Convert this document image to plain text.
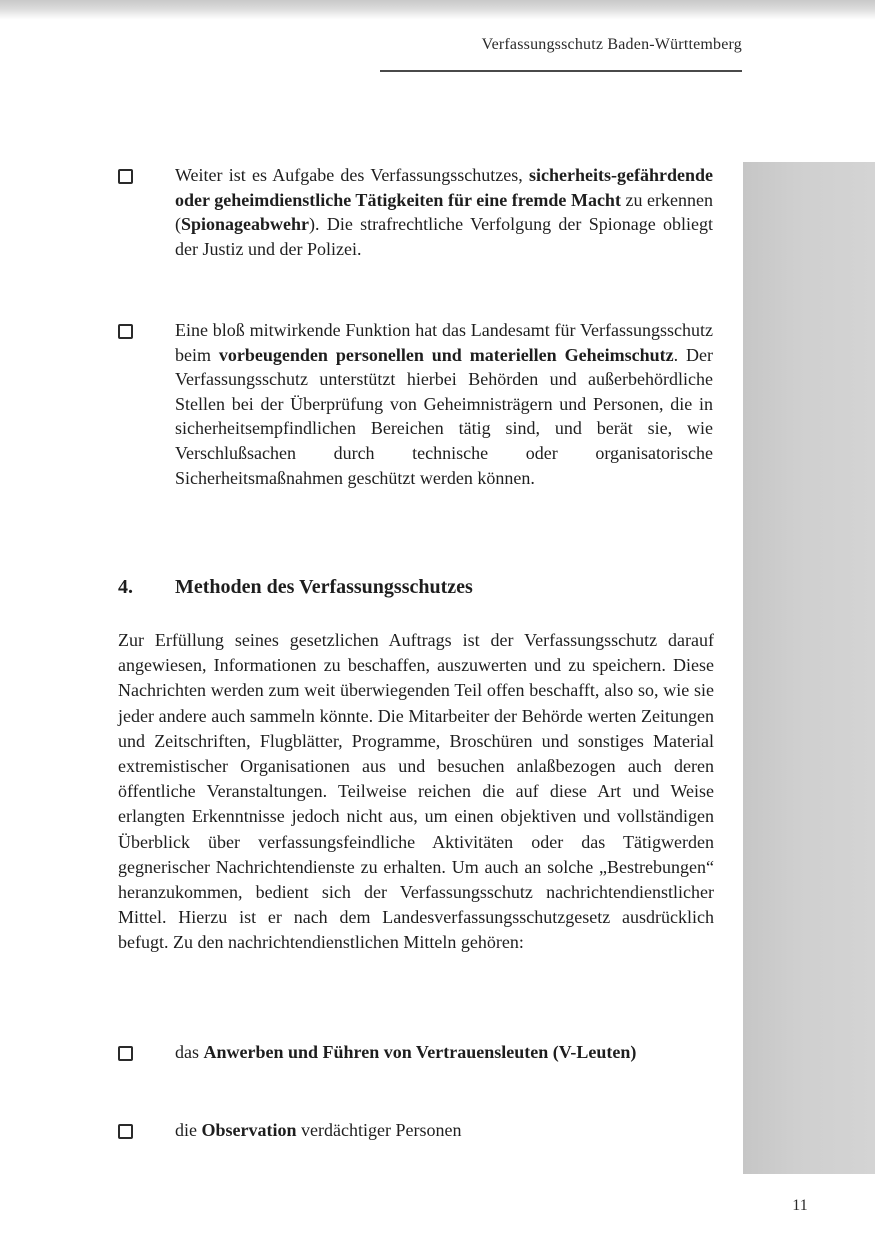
Verfassungsschutz Baden-Württemberg
Weiter ist es Aufgabe des Verfassungsschutzes, sicherheits-gefährdende oder geheimdienstliche Tätigkeiten für eine fremde Macht zu erkennen (Spionageabwehr). Die strafrechtliche Verfolgung der Spionage obliegt der Justiz und der Polizei.
Eine bloß mitwirkende Funktion hat das Landesamt für Verfassungsschutz beim vorbeugenden personellen und materiellen Geheimschutz. Der Verfassungsschutz unterstützt hierbei Behörden und außerbehördliche Stellen bei der Überprüfung von Geheimnisträgern und Personen, die in sicherheitsempfindlichen Bereichen tätig sind, und berät sie, wie Verschlußsachen durch technische oder organisatorische Sicherheitsmaßnahmen geschützt werden können.
4. Methoden des Verfassungsschutzes
Zur Erfüllung seines gesetzlichen Auftrags ist der Verfassungsschutz darauf angewiesen, Informationen zu beschaffen, auszuwerten und zu speichern. Diese Nachrichten werden zum weit überwiegenden Teil offen beschafft, also so, wie sie jeder andere auch sammeln könnte. Die Mitarbeiter der Behörde werten Zeitungen und Zeitschriften, Flugblätter, Programme, Broschüren und sonstiges Material extremistischer Organisationen aus und besuchen anlaßbezogen auch deren öffentliche Veranstaltungen. Teilweise reichen die auf diese Art und Weise erlangten Erkenntnisse jedoch nicht aus, um einen objektiven und vollständigen Überblick über verfassungsfeindliche Aktivitäten oder das Tätigwerden gegnerischer Nachrichtendienste zu erhalten. Um auch an solche „Bestrebungen“ heranzukommen, bedient sich der Verfassungsschutz nachrichtendienstlicher Mittel. Hierzu ist er nach dem Landesverfassungsschutzgesetz ausdrücklich befugt. Zu den nachrichtendienstlichen Mitteln gehören:
das Anwerben und Führen von Vertrauensleuten (V-Leuten)
die Observation verdächtiger Personen
11
